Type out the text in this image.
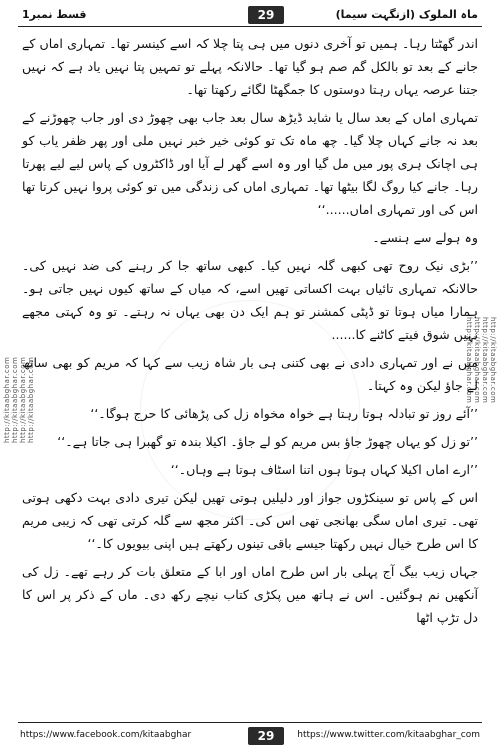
ماہ الملوک (ازنگہت سیما)
29
قسط نمبر1
http://kitaabghar.com http://kitaabghar.com http://kitaabghar.com http://kitaabghar.com	http://kitaabghar.com
http://kitaabghar.com
http://kitaabghar.com
http://kitaabghar.com

اندر گھٹتا رہا۔ ہمیں تو آخری دنوں میں ہی پتا چلا کہ اسے کینسر تھا۔ تمہاری اماں کے جانے کے بعد تو بالکل گم صم ہو گیا تھا۔ حالانکہ پہلے تو تمہیں پتا نہیں یاد ہے کہ نہیں جتنا عرصہ یہاں رہتا دوستوں کا جمگھٹا لگائے رکھتا تھا۔

تمہاری اماں کے بعد سال یا شاید ڈیڑھ سال بعد جاب بھی چھوڑ دی اور جاب چھوڑنے کے بعد نہ جانے کہاں چلا گیا۔ چھ ماہ تک تو کوئی خیر خبر نہیں ملی اور پھر ظفر یاب کو ہی اچانک ہری پور میں مل گیا اور وہ اسے گھر لے آیا اور ڈاکٹروں کے پاس لیے لیے پھرتا رہا۔ جانے کیا روگ لگا بیٹھا تھا۔ تمہاری اماں کی زندگی میں تو کوئی پروا نہیں کرتا تھا اس کی اور تمہاری اماں......‘‘

وہ ہولے سے ہنسے۔

’’بڑی نیک روح تھی کبھی گلہ نہیں کیا۔ کبھی ساتھ جا کر رہنے کی ضد نہیں کی۔ حالانکہ تمہاری تائیاں بہت اکساتی تھیں اسے، کہ میاں کے ساتھ کیوں نہیں جاتی ہو۔ ہمارا میاں ہوتا تو ڈپٹی کمشنر تو ہم ایک دن بھی یہاں نہ رہتے۔ تو وہ کہتی مجھے نہیں شوق فیتے کاٹنے کا......

میں نے اور تمہاری دادی نے بھی کتنی ہی بار شاہ زیب سے کہا کہ مریم کو بھی ساتھ لے جاؤ لیکن وہ کہتا۔

’’آئے روز تو تبادلہ ہوتا رہتا ہے خواہ مخواہ زل کی پڑھائی کا حرج ہوگا۔‘‘

’’تو زل کو یہاں چھوڑ جاؤ بس مریم کو لے جاؤ۔ اکیلا بندہ تو گھبرا ہی جاتا ہے۔‘‘

’’ارے اماں اکیلا کہاں ہوتا ہوں اتنا اسٹاف ہوتا ہے وہاں۔‘‘

اس کے پاس تو سینکڑوں جواز اور دلیلیں ہوتی تھیں لیکن تیری دادی بہت دکھی ہوتی تھی۔ تیری اماں سگی بھانجی تھی اس کی۔ اکثر مجھ سے گلہ کرتی تھی کہ زیبی مریم کا اس طرح خیال نہیں رکھتا جیسے باقی تینوں رکھتے ہیں اپنی بیویوں کا۔‘‘

جہاں زیب بیگ آج پہلی بار اس طرح اماں اور ابا کے متعلق بات کر رہے تھے۔ زل کی آنکھیں نم ہوگئیں۔ اس نے ہاتھ میں پکڑی کتاب نیچے رکھ دی۔ ماں کے ذکر پر اس کا دل تڑپ اٹھا

https://www.facebook.com/kitaabghar	29	https://www.twitter.com/kitaabghar_com
